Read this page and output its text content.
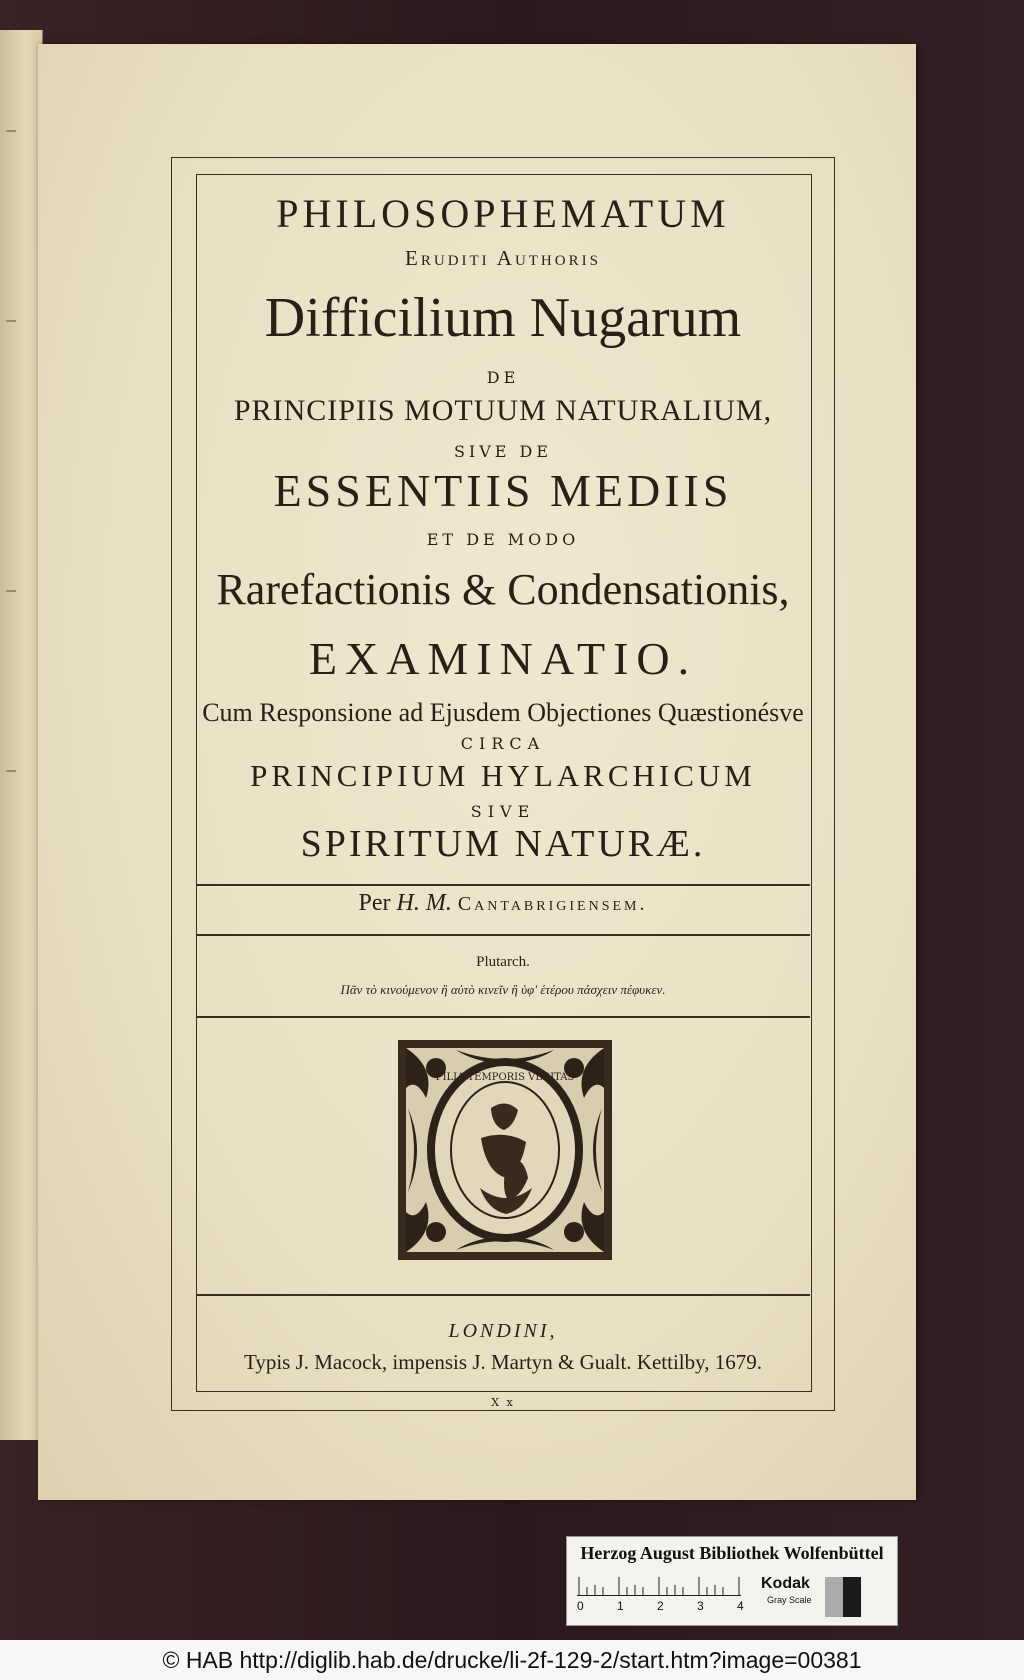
PHILOSOPHEMATUM
Eruditi Authoris
Difficilium Nugarum
DE
PRINCIPIIS MOTUUM NATURALIUM,
SIVE DE
ESSENTIIS MEDIIS
ET DE MODO
Rarefactionis & Condensationis,
EXAMINATIO.
Cum Responsione ad Ejusdem Objectiones Quæstionésve
CIRCA
PRINCIPIUM HYLARCHICUM
SIVE
SPIRITUM NATURÆ.
Per H. M. Cantabrigiensem.
Plutarch.
Πᾶν τὸ κινούμενον ἢ αὐτὸ κινεῖν ἢ ὑφ' ἑτέρου πάσχειν πέφυκεν.
FILIA TEMPORIS VERITAS
LONDINI,
Typis J. Macock, impensis J. Martyn & Gualt. Kettilby, 1679.
X x
Herzog August Bibliothek Wolfenbüttel
0	1	2	3	4
Kodak
Gray Scale
© HAB http://diglib.hab.de/drucke/li-2f-129-2/start.htm?image=00381
